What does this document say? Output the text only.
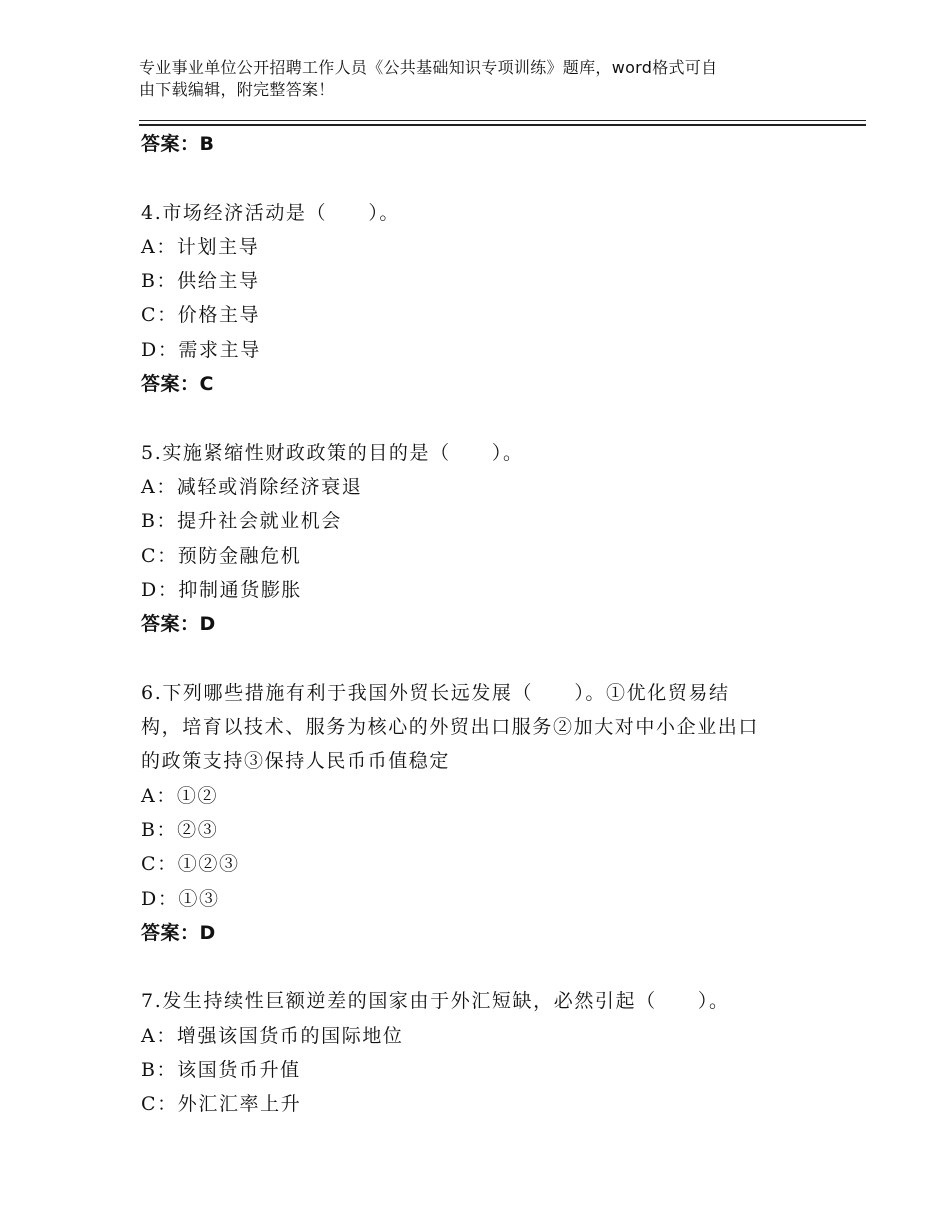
专业事业单位公开招聘工作人员《公共基础知识专项训练》题库，word格式可自
由下载编辑，附完整答案！
答案：B
4.市场经济活动是（　　）。
A：计划主导
B：供给主导
C：价格主导
D：需求主导
答案：C
5.实施紧缩性财政政策的目的是（　　）。
A：减轻或消除经济衰退
B：提升社会就业机会
C：预防金融危机
D：抑制通货膨胀
答案：D
6.下列哪些措施有利于我国外贸长远发展（　　）。①优化贸易结
构，培育以技术、服务为核心的外贸出口服务②加大对中小企业出口
的政策支持③保持人民币币值稳定
A：①②
B：②③
C：①②③
D：①③
答案：D
7.发生持续性巨额逆差的国家由于外汇短缺，必然引起（　　）。
A：增强该国货币的国际地位
B：该国货币升值
C：外汇汇率上升
